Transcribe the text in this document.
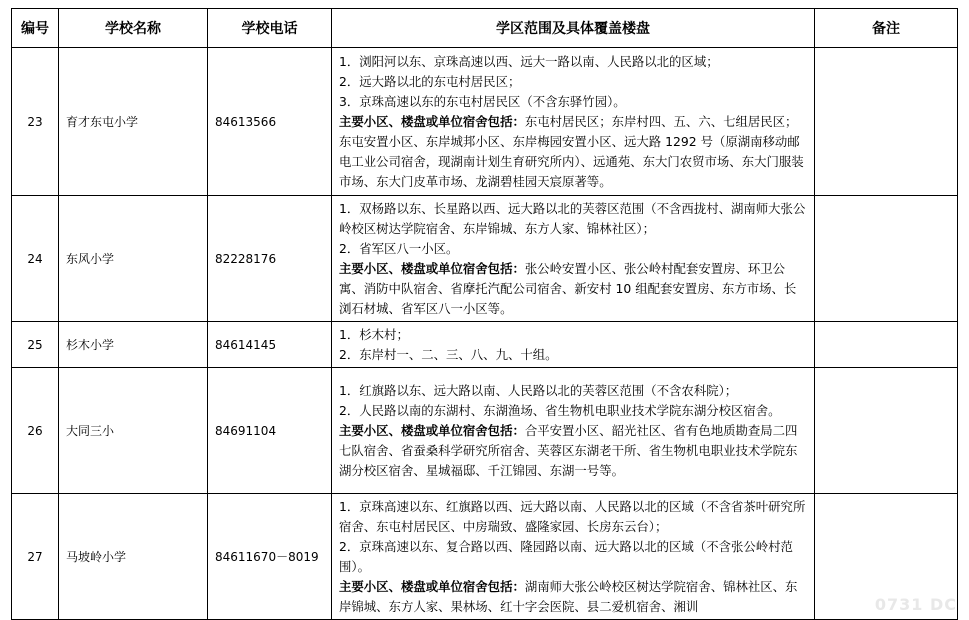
编号	学校名称	学校电话	学区范围及具体覆盖楼盘	备注
23	育才东屯小学	84613566	1．浏阳河以东、京珠高速以西、远大一路以南、人民路以北的区域；
2．远大路以北的东屯村居民区；
3．京珠高速以东的东屯村居民区（不含东驿竹园）。
主要小区、楼盘或单位宿舍包括：东屯村居民区；东岸村四、五、六、七组居民区；东屯安置小区、东岸城邦小区、东岸梅园安置小区、远大路 1292 号（原湖南移动邮电工业公司宿舍，现湖南计划生育研究所内）、远通苑、东大门农贸市场、东大门服装市场、东大门皮革市场、龙湖碧桂园天宸原著等。	

24	东风小学	82228176	1．双杨路以东、长星路以西、远大路以北的芙蓉区范围（不含西拢村、湖南师大张公岭校区树达学院宿舍、东岸锦城、东方人家、锦林社区）；
2．省军区八一小区。
主要小区、楼盘或单位宿舍包括：张公岭安置小区、张公岭村配套安置房、环卫公寓、消防中队宿舍、省摩托汽配公司宿舍、新安村 10 组配套安置房、东方市场、长浏石材城、省军区八一小区等。	

25	杉木小学	84614145	1．杉木村；
2．东岸村一、二、三、八、九、十组。	

26	大同三小	84691104	1．红旗路以东、远大路以南、人民路以北的芙蓉区范围（不含农科院）；
2．人民路以南的东湖村、东湖渔场、省生物机电职业技术学院东湖分校区宿舍。
主要小区、楼盘或单位宿舍包括：合平安置小区、韶光社区、省有色地质勘查局二四七队宿舍、省蚕桑科学研究所宿舍、芙蓉区东湖老干所、省生物机电职业技术学院东湖分校区宿舍、星城福邸、千江锦园、东湖一号等。	

27	马坡岭小学	84611670－8019	1．京珠高速以东、红旗路以西、远大路以南、人民路以北的区域（不含省茶叶研究所宿舍、东屯村居民区、中房瑞致、盛隆家园、长房东云台）；
2．京珠高速以东、复合路以西、隆园路以南、远大路以北的区域（不含张公岭村范围）。
主要小区、楼盘或单位宿舍包括：湖南师大张公岭校区树达学院宿舍、锦林社区、东岸锦城、东方人家、果林场、红十字会医院、县二爱机宿舍、湘训	
		0731 DC
